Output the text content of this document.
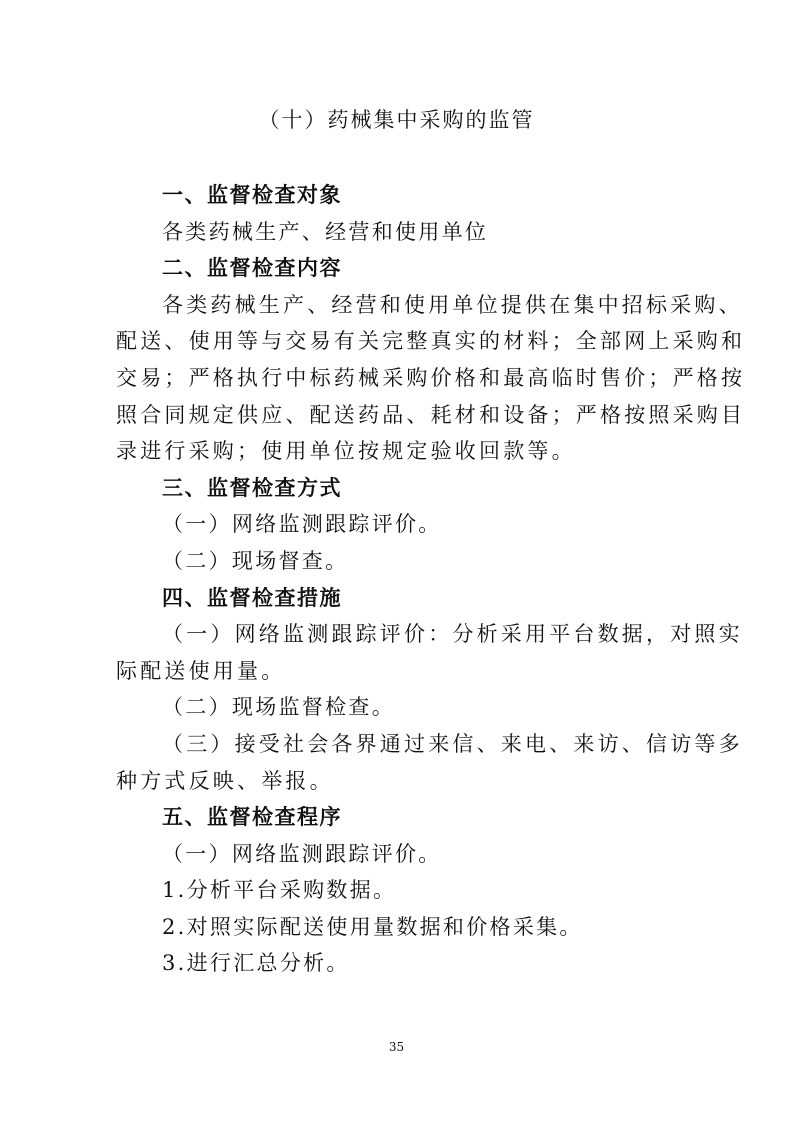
（十）药械集中采购的监管
一、监督检查对象
各类药械生产、经营和使用单位
二、监督检查内容
各类药械生产、经营和使用单位提供在集中招标采购、
配送、使用等与交易有关完整真实的材料；全部网上采购和
交易；严格执行中标药械采购价格和最高临时售价；严格按
照合同规定供应、配送药品、耗材和设备；严格按照采购目
录进行采购；使用单位按规定验收回款等。
三、监督检查方式
（一）网络监测跟踪评价。
（二）现场督查。
四、监督检查措施
（一）网络监测跟踪评价：分析采用平台数据，对照实
际配送使用量。
（二）现场监督检查。
（三）接受社会各界通过来信、来电、来访、信访等多
种方式反映、举报。
五、监督检查程序
（一）网络监测跟踪评价。
1.分析平台采购数据。
2.对照实际配送使用量数据和价格采集。
3.进行汇总分析。
35
